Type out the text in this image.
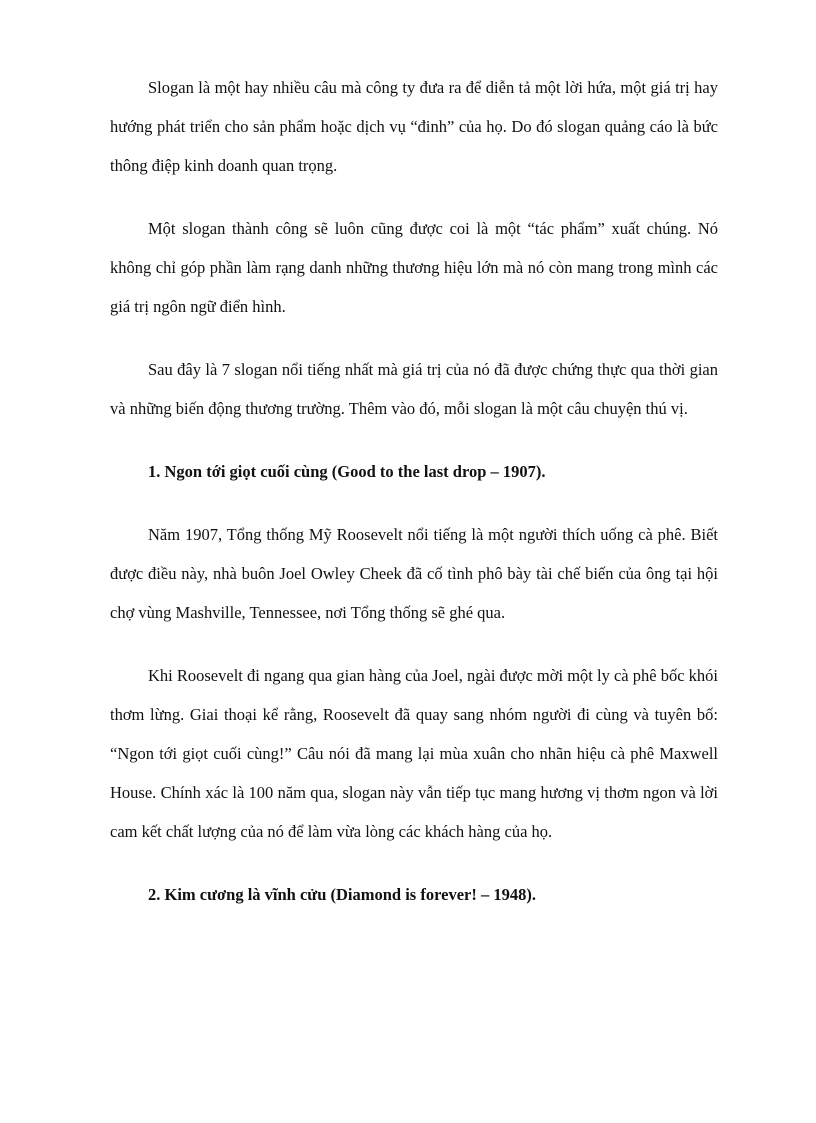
Slogan là một hay nhiều câu mà công ty đưa ra để diễn tả một lời hứa, một giá trị hay hướng phát triển cho sản phẩm hoặc dịch vụ “đinh” của họ. Do đó slogan quảng cáo là bức thông điệp kinh doanh quan trọng.

Một slogan thành công sẽ luôn cũng được coi là một “tác phẩm” xuất chúng. Nó không chỉ góp phần làm rạng danh những thương hiệu lớn mà nó còn mang trong mình các giá trị ngôn ngữ điển hình.

Sau đây là 7 slogan nổi tiếng nhất mà giá trị của nó đã được chứng thực qua thời gian và những biến động thương trường. Thêm vào đó, mỗi slogan là một câu chuyện thú vị.

1. Ngon tới giọt cuối cùng (Good to the last drop – 1907).

Năm 1907, Tổng thống Mỹ Roosevelt nổi tiếng là một người thích uống cà phê. Biết được điều này, nhà buôn Joel Owley Cheek đã cố tình phô bày tài chế biến của ông tại hội chợ vùng Mashville, Tennessee, nơi Tổng thống sẽ ghé qua.

Khi Roosevelt đi ngang qua gian hàng của Joel, ngài được mời một ly cà phê bốc khói thơm lừng. Giai thoại kể rằng, Roosevelt đã quay sang nhóm người đi cùng và tuyên bố: “Ngon tới giọt cuối cùng!” Câu nói đã mang lại mùa xuân cho nhãn hiệu cà phê Maxwell House. Chính xác là 100 năm qua, slogan này vẫn tiếp tục mang hương vị thơm ngon và lời cam kết chất lượng của nó để làm vừa lòng các khách hàng của họ.

2. Kim cương là vĩnh cửu (Diamond is forever! – 1948).
